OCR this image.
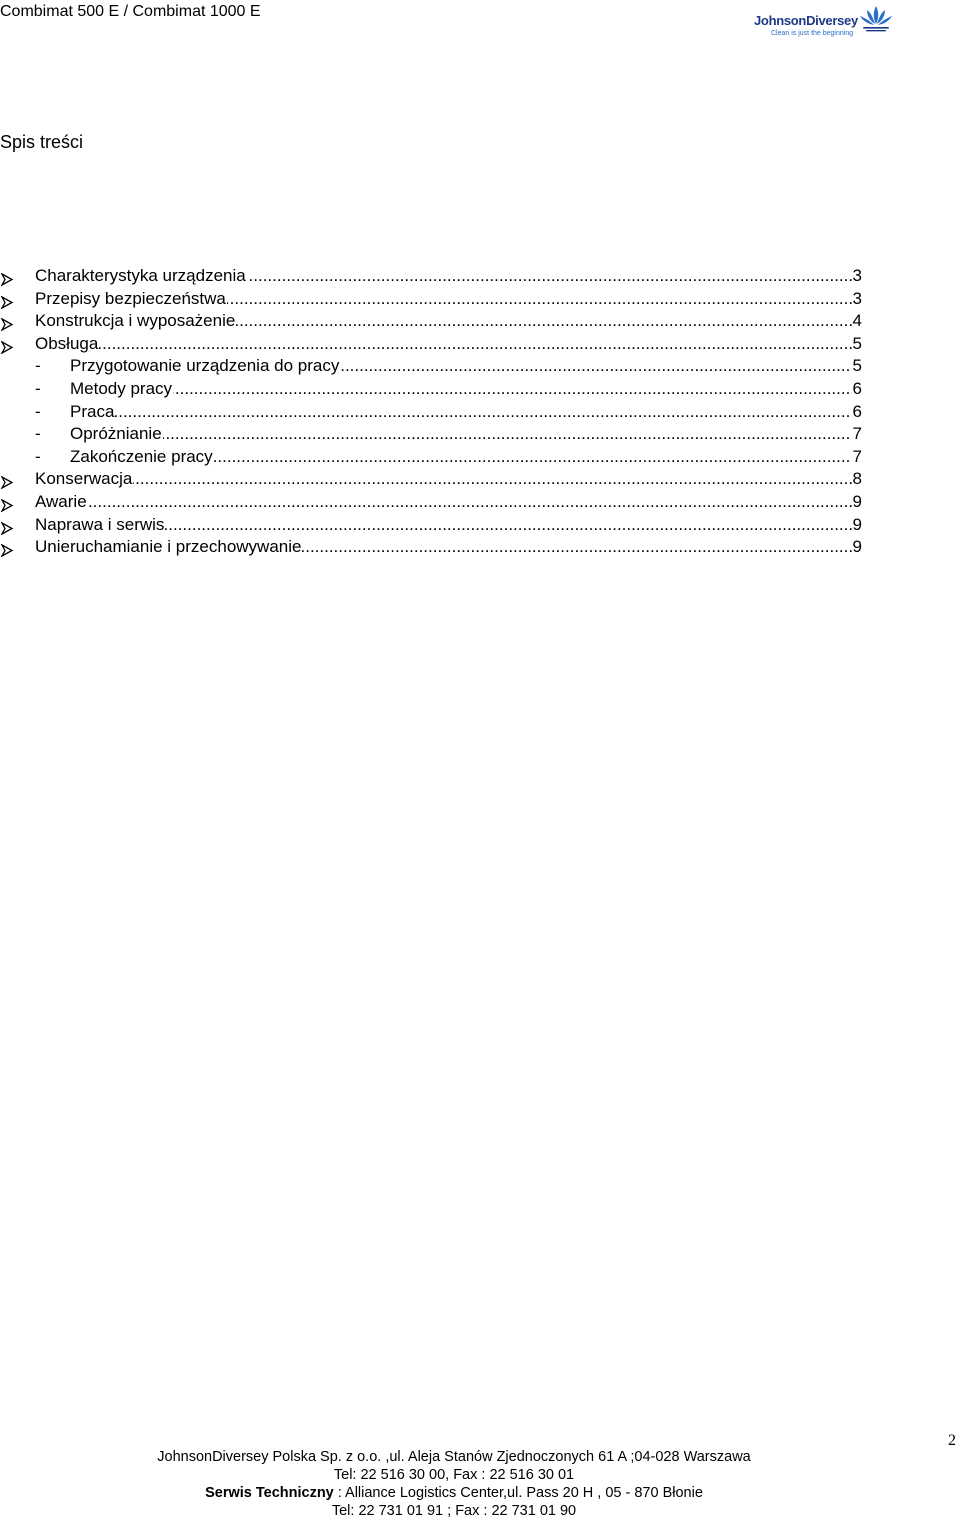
Combimat 500 E / Combimat 1000 E
JohnsonDiversey
Clean is just the beginning
Spis treści
.....
Charakterystyka urządzenia	3
.....
Przepisy bezpieczeństwa	3
.....
Konstrukcja i wyposażenie	4
.....
Obsługa	5
- ..... Przygotowanie urządzenia do pracy	5
- ..... Metody pracy	6
- ..... Praca	6
- ..... Opróżnianie	7
- ..... Zakończenie pracy	7
.....
Konserwacja	8
.....
Awarie	9
.....
Naprawa i serwis	9
.....
Unieruchamianie i przechowywanie	9
2
JohnsonDiversey Polska Sp. z o.o. ,ul. Aleja Stanów Zjednoczonych 61 A ;04-028 Warszawa
Tel: 22 516 30 00, Fax : 22 516 30 01
Serwis Techniczny : Alliance Logistics Center,ul. Pass 20 H , 05 - 870 Błonie
Tel: 22 731 01 91 ; Fax : 22 731 01 90
